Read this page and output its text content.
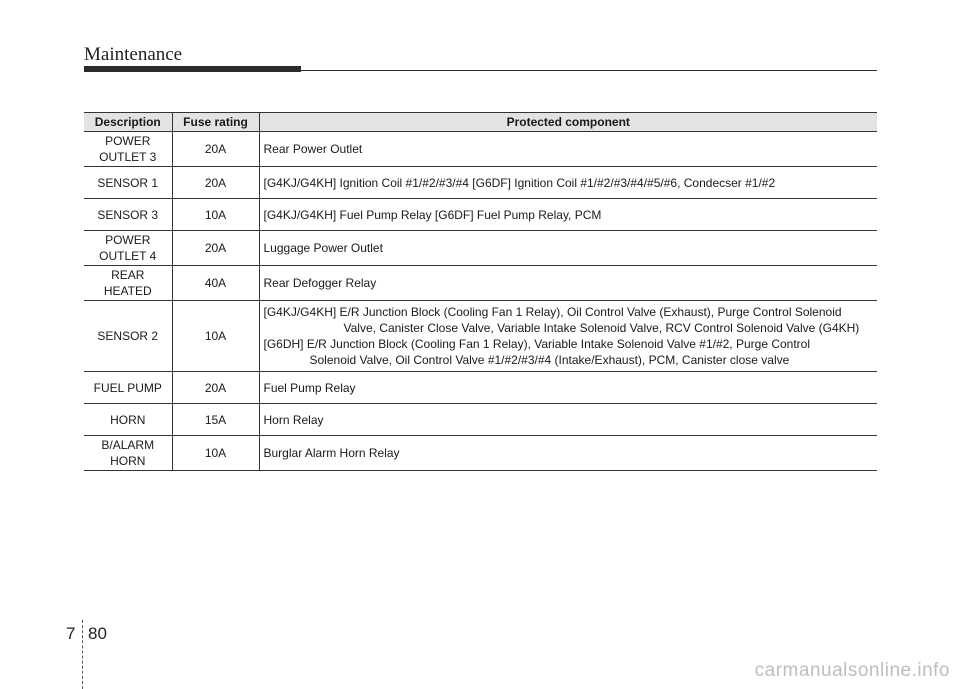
Maintenance
Description	Fuse rating	Protected component

POWER
OUTLET 3	20A	Rear Power Outlet
SENSOR 1	20A	[G4KJ/G4KH] Ignition Coil #1/#2/#3/#4 [G6DF] Ignition Coil #1/#2/#3/#4/#5/#6, Condecser #1/#2
SENSOR 3	10A	[G4KJ/G4KH] Fuel Pump Relay [G6DF] Fuel Pump Relay, PCM

POWER
OUTLET 4	20A	Luggage Power Outlet

REAR
HEATED	40A	Rear Defogger Relay
SENSOR 2	10A	[G4KJ/G4KH] E/R Junction Block (Cooling Fan 1 Relay), Oil Control Valve (Exhaust), Purge Control Solenoid
Valve, Canister Close Valve, Variable Intake Solenoid Valve, RCV Control Solenoid Valve (G4KH)
[G6DH] E/R Junction Block (Cooling Fan 1 Relay), Variable Intake Solenoid Valve #1/#2, Purge Control
Solenoid Valve, Oil Control Valve #1/#2/#3/#4 (Intake/Exhaust), PCM, Canister close valve

FUEL PUMP	20A	Fuel Pump Relay
HORN	15A	Horn Relay

B/ALARM
HORN	10A	Burglar Alarm Horn Relay
7 80
carmanualsonline.info
